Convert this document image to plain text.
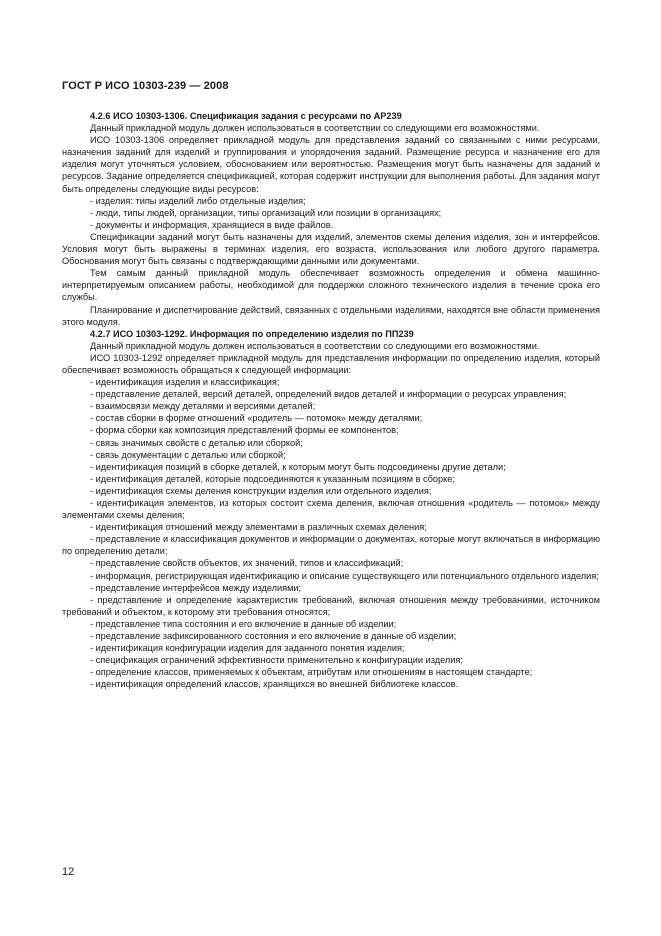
ГОСТ Р ИСО 10303-239 — 2008

4.2.6 ИСО 10303-1306. Спецификация задания с ресурсами по AP239

Данный прикладной модуль должен использоваться в соответствии со следующими его возможностями.

ИСО 10303-1306 определяет прикладной модуль для представления заданий со связанными с ними ресурсами, назначения заданий для изделий и группирования и упорядочения заданий. Размещение ресурса и назначение его для изделия могут уточняться условием, обоснованием или вероятностью. Размещения могут быть назначены для заданий и ресурсов. Задание определяется спецификацией, которая содержит инструкции для выполнения работы. Для задания могут быть определены следующие виды ресурсов:

- изделия: типы изделий либо отдельные изделия;

- люди, типы людей, организации, типы организаций или позиции в организациях;

- документы и информация, хранящиеся в виде файлов.

Спецификации заданий могут быть назначены для изделий, элементов схемы деления изделия, зон и интерфейсов. Условия могут быть выражены в терминах изделия, его возраста, использования или любого другого параметра. Обоснования могут быть связаны с подтверждающими данными или документами.

Тем самым данный прикладной модуль обеспечивает возможность определения и обмена машинно-интерпретируемым описанием работы, необходимой для поддержки сложного технического изделия в течение срока его службы.

Планирование и диспетчирование действий, связанных с отдельными изделиями, находятся вне области применения этого модуля.

4.2.7 ИСО 10303-1292. Информация по определению изделия по ПП239

Данный прикладной модуль должен использоваться в соответствии со следующими его возможностями.

ИСО 10303-1292 определяет прикладной модуль для представления информации по определению изделия, который обеспечивает возможность обращаться к следующей информации:

- идентификация изделия и классификация;

- представление деталей, версий деталей, определений видов деталей и информации о ресурсах управления;

- взаимосвязи между деталями и версиями деталей;

- состав сборки в форме отношений «родитель — потомок» между деталями;

- форма сборки как композиция представлений формы ее компонентов;

- связь значимых свойств с деталью или сборкой;

- связь документации с деталью или сборкой;

- идентификация позиций в сборке деталей, к которым могут быть подсоединены другие детали;

- идентификация деталей, которые подсоединяются к указанным позициям в сборке;

- идентификация схемы деления конструкции изделия или отдельного изделия;

- идентификация элементов, из которых состоит схема деления, включая отношения «родитель — потомок» между элементами схемы деления;

- идентификация отношений между элементами в различных схемах деления;

- представление и классификация документов и информации о документах, которые могут включаться в информацию по определению детали;

- представление свойств объектов, их значений, типов и классификаций;

- информация, регистрирующая идентификацию и описание существующего или потенциального отдельного изделия;

- представление интерфейсов между изделиями;

- представление и определение характеристик требований, включая отношения между требованиями, источником требований и объектом, к которому эти требования относятся;

- представление типа состояния и его включение в данные об изделии;

- представление зафиксированного состояния и его включение в данные об изделии;

- идентификация конфигурации изделия для заданного понятия изделия;

- спецификация ограничений эффективности применительно к конфигурации изделия;

- определение классов, применяемых к объектам, атрибутам или отношениям в настоящем стандарте;

- идентификация определений классов, хранящихся во внешней библиотеке классов.

12
